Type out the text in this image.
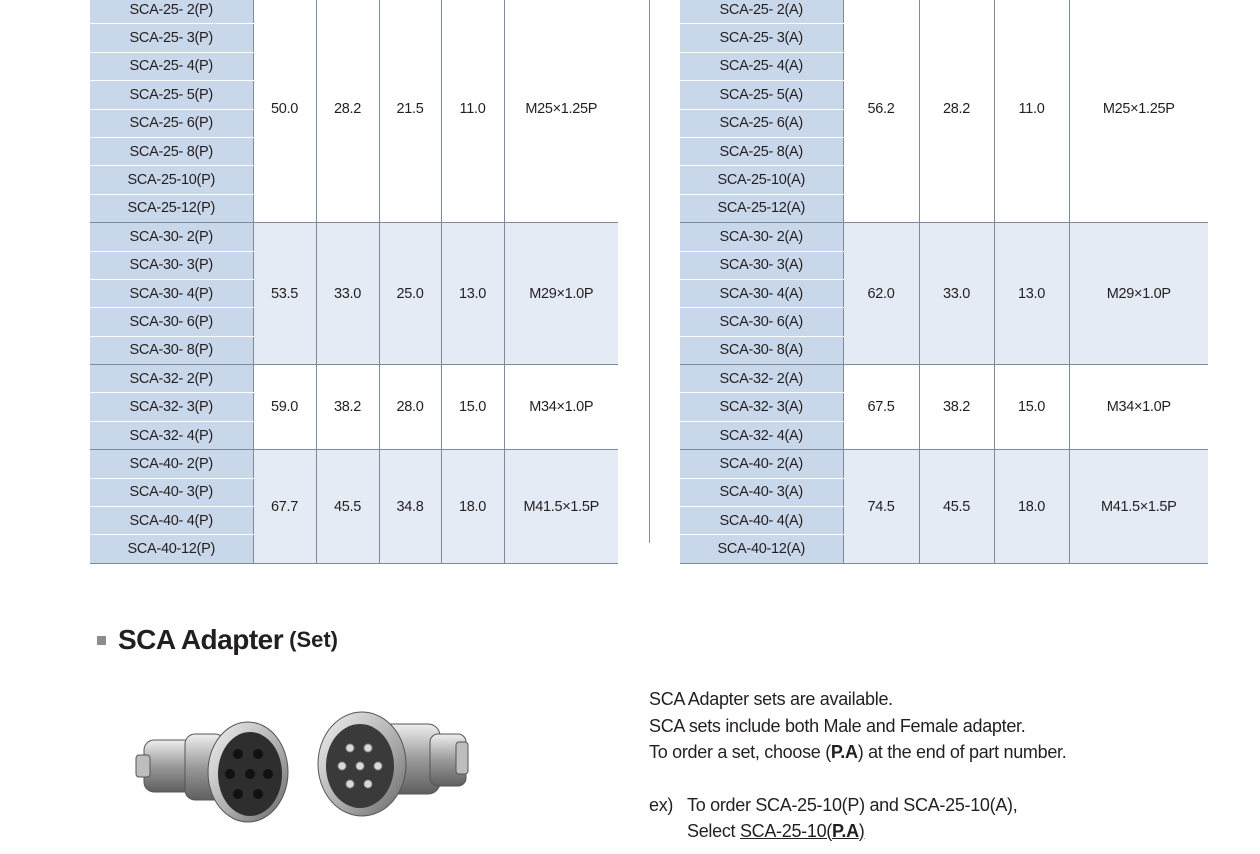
SCA-25- 2(P)	50.0	28.2	21.5	11.0	M25×1.25P
SCA-25- 3(P)					
SCA-25- 4(P)					
SCA-25- 5(P)					
SCA-25- 6(P)					
SCA-25- 8(P)					
SCA-25-10(P)					
SCA-25-12(P)					
SCA-30- 2(P)	53.5	33.0	25.0	13.0	M29×1.0P
SCA-30- 3(P)					
SCA-30- 4(P)					
SCA-30- 6(P)					
SCA-30- 8(P)					
SCA-32- 2(P)	59.0	38.2	28.0	15.0	M34×1.0P
SCA-32- 3(P)					
SCA-32- 4(P)					
SCA-40- 2(P)	67.7	45.5	34.8	18.0	M41.5×1.5P
SCA-40- 3(P)					
SCA-40- 4(P)					
SCA-40-12(P)					
SCA-25- 2(A)	56.2	28.2	11.0	M25×1.25P
SCA-25- 3(A)				
SCA-25- 4(A)				
SCA-25- 5(A)				
SCA-25- 6(A)				
SCA-25- 8(A)				
SCA-25-10(A)				
SCA-25-12(A)				
SCA-30- 2(A)	62.0	33.0	13.0	M29×1.0P
SCA-30- 3(A)				
SCA-30- 4(A)				
SCA-30- 6(A)				
SCA-30- 8(A)				
SCA-32- 2(A)	67.5	38.2	15.0	M34×1.0P
SCA-32- 3(A)				
SCA-32- 4(A)				
SCA-40- 2(A)	74.5	45.5	18.0	M41.5×1.5P
SCA-40- 3(A)				
SCA-40- 4(A)				
SCA-40-12(A)				
SCA Adapter (Set)

SCA Adapter sets are available.

SCA sets include both Male and Female adapter.

To order a set, choose (P.A) at the end of part number.

ex) To order SCA-25-10(P) and SCA-25-10(A),

Select SCA-25-10(P.A)
